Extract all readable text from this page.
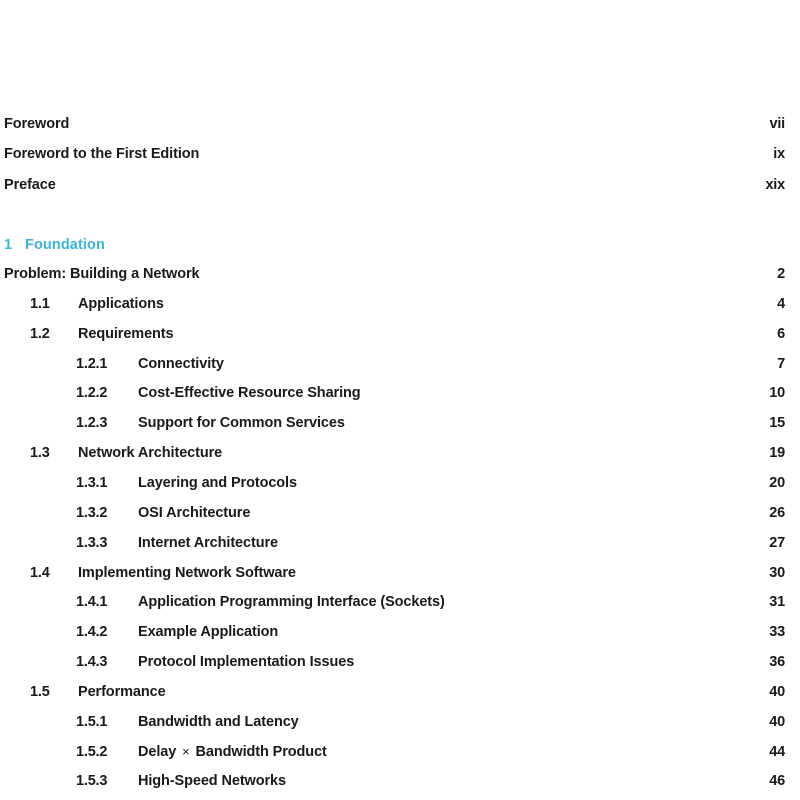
Foreword	vii
Foreword to the First Edition	ix
Preface	xix
1 Foundation
Problem: Building a Network	2
1.1 Applications	4
1.2 Requirements	6
1.2.1 Connectivity	7
1.2.2 Cost-Effective Resource Sharing	10
1.2.3 Support for Common Services	15
1.3 Network Architecture	19
1.3.1 Layering and Protocols	20
1.3.2 OSI Architecture	26
1.3.3 Internet Architecture	27
1.4 Implementing Network Software	30
1.4.1 Application Programming Interface (Sockets)	31
1.4.2 Example Application	33
1.4.3 Protocol Implementation Issues	36
1.5 Performance	40
1.5.1 Bandwidth and Latency	40
1.5.2 Delay × Bandwidth Product	44
1.5.3 High-Speed Networks	46
